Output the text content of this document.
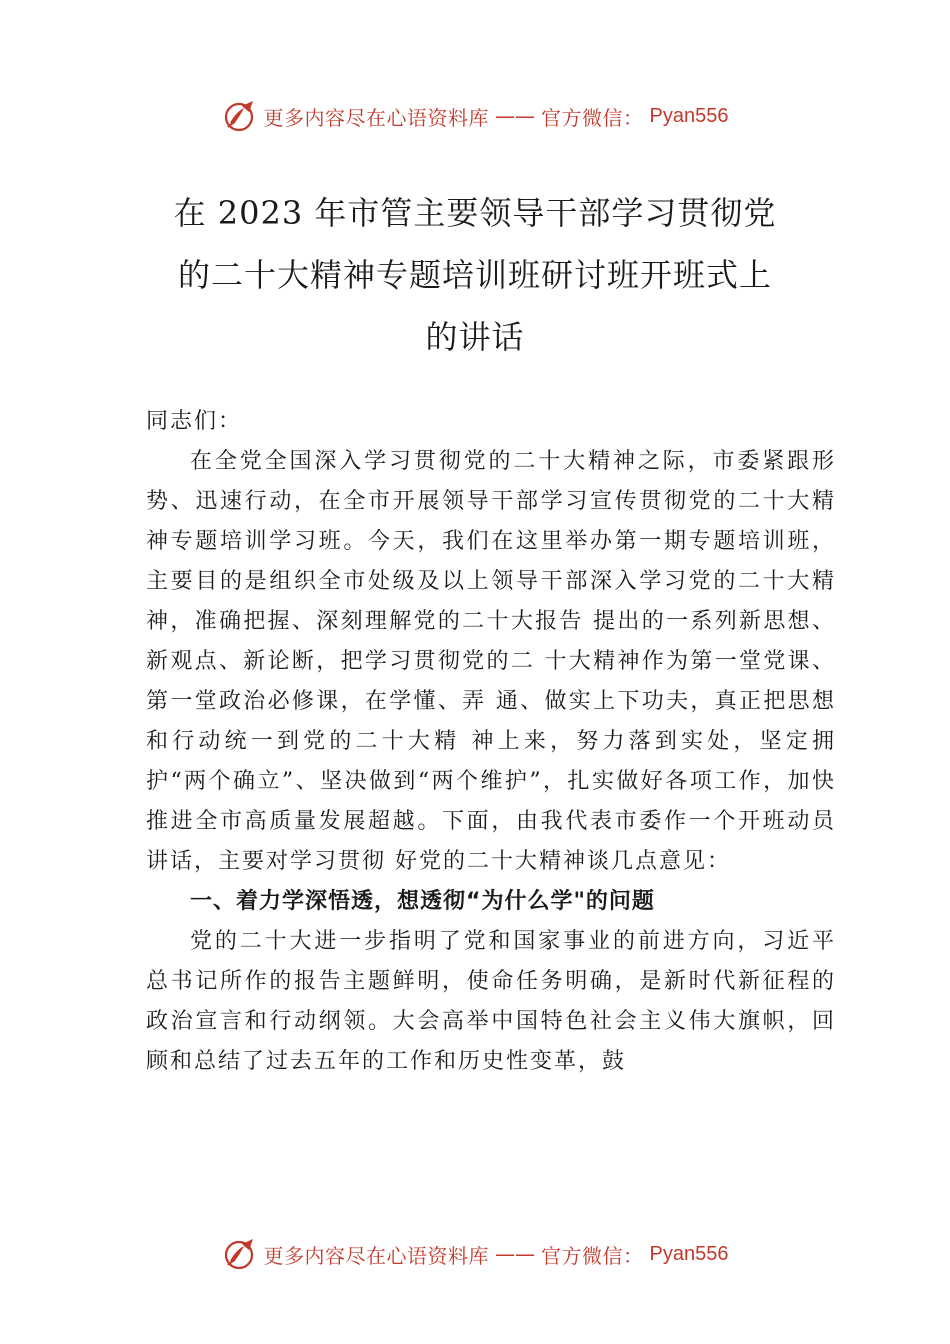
更多内容尽在心语资料库 —— 官方微信： Pyan556
在 2023 年市管主要领导干部学习贯彻党
的二十大精神专题培训班研讨班开班式上
的讲话

同志们：

在全党全国深入学习贯彻党的二十大精神之际，市委紧跟形势、迅速行动，在全市开展领导干部学习宣传贯彻党的二十大精神专题培训学习班。今天，我们在这里举办第一期专题培训班，主要目的是组织全市处级及以上领导干部深入学习党的二十大精神，准确把握、深刻理解党的二十大报告 提出的一系列新思想、新观点、新论断，把学习贯彻党的二 十大精神作为第一堂党课、第一堂政治必修课，在学懂、弄 通、做实上下功夫，真正把思想和行动统一到党的二十大精 神上来，努力落到实处，坚定拥护“两个确立”、坚决做到“两个维护”，扎实做好各项工作，加快推进全市高质量发展超越。下面，由我代表市委作一个开班动员讲话，主要对学习贯彻 好党的二十大精神谈几点意见：

一、着力学深悟透，想透彻“为什么学"的问题

党的二十大进一步指明了党和国家事业的前进方向，习近平总书记所作的报告主题鲜明，使命任务明确，是新时代新征程的政治宣言和行动纲领。大会高举中国特色社会主义伟大旗帜，回顾和总结了过去五年的工作和历史性变革，鼓

更多内容尽在心语资料库 —— 官方微信： Pyan556
